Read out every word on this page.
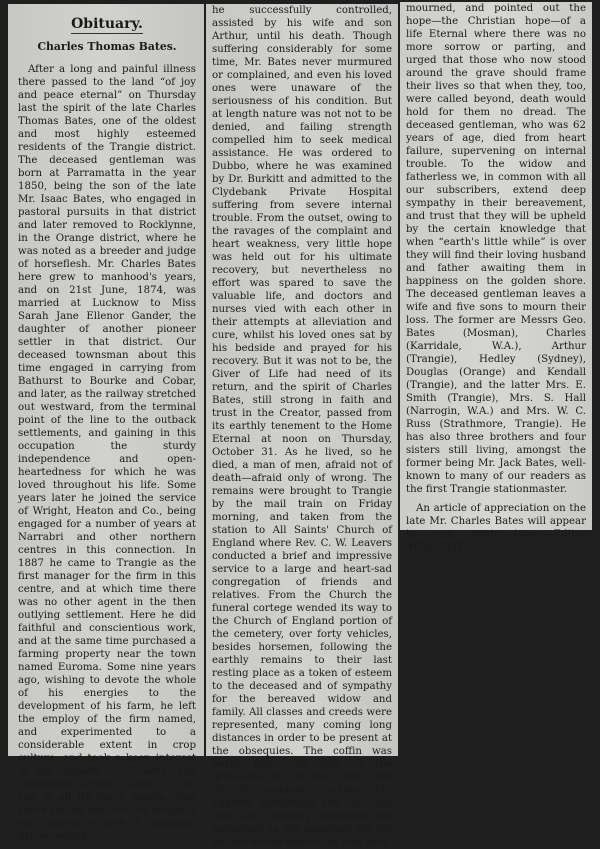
Obituary.
Charles Thomas Bates.

After a long and painful illness there passed to the land “of joy and peace eternal” on Thursday last the spirit of the late Charles Thomas Bates, one of the oldest and most highly esteemed residents of the Trangie district. The deceased gentleman was born at Parramatta in the year 1850, being the son of the late Mr. Isaac Bates, who engaged in pastoral pursuits in that district and later removed to Rocklynne, in the Orange district, where he was noted as a breeder and judge of horseflesh. Mr. Charles Bates here grew to manhood's years, and on 21st June, 1874, was married at Lucknow to Miss Sarah Jane Ellenor Gander, the daughter of another pioneer settler in that district. Our deceased townsman about this time engaged in carrying from Bathurst to Bourke and Cobar, and later, as the railway stretched out westward, from the terminal point of the line to the outback settlements, and gaining in this occupation the sturdy independence and open-heartedness for which he was loved throughout his life. Some years later he joined the service of Wright, Heaton and Co., being engaged for a number of years at Narrabri and other northern centres in this connection. In 1887 he came to Trangie as the first manager for the firm in this centre, and at which time there was no other agent in the then outlying settlement. Here he did faithful and conscientious work, and at the same time purchased a farming property near the town named Euroma. Some nine years ago, wishing to devote the whole of his energies to the development of his farm, he left the employ of the firm named, and experimented to a considerable extent in crop culture, and took a keen interest in the growth of flowers and vegetables—verily a lover of the soil in all its many moods. Two years ago he sold out his property and opened a store in Dandaloo Street, which

he successfully controlled, assisted by his wife and son Arthur, until his death. Though suffering considerably for some time, Mr. Bates never murmured or complained, and even his loved ones were unaware of the seriousness of his condition. But at length nature was not not to be denied, and failing strength compelled him to seek medical assistance. He was ordered to Dubbo, where he was examined by Dr. Burkitt and admitted to the Clydebank Private Hospital suffering from severe internal trouble. From the outset, owing to the ravages of the complaint and heart weakness, very little hope was held out for his ultimate recovery, but nevertheless no effort was spared to save the valuable life, and doctors and nurses vied with each other in their attempts at alleviation and cure, whilst his loved ones sat by his bedside and prayed for his recovery. But it was not to be, the Giver of Life had need of its return, and the spirit of Charles Bates, still strong in faith and trust in the Creator, passed from its earthly tenement to the Home Eternal at noon on Thursday, October 31. As he lived, so he died, a man of men, afraid not of death—afraid only of wrong. The remains were brought to Trangie by the mail train on Friday morning, and taken from the station to All Saints' Church of England where Rev. C. W. Leavers conducted a brief and impressive service to a large and heart-sad congregation of friends and relatives. From the Church the funeral cortege wended its way to the Church of England portion of the cemetery, over forty vehicles, besides horsemen, following the earthly remains to their last resting place as a token of esteem to the deceased and of sympathy for the bereaved widow and family. All classes and creeds were represented, many coming long distances in order to be present at the obsequies. The coffin was borne from the gate to the graveside by all the town and district residents, where Mr. Leavers performed the last sad rites and feelingly addressed the gathering on the excellent life led by him whose departure they now

mourned, and pointed out the hope—the Christian hope—of a life Eternal where there was no more sorrow or parting, and urged that those who now stood around the grave should frame their lives so that when they, too, were called beyond, death would hold for them no dread. The deceased gentleman, who was 62 years of age, died from heart failure, supervening on internal trouble. To the widow and fatherless we, in common with all our subscribers, extend deep sympathy in their bereavement, and trust that they will be upheld by the certain knowledge that when “earth's little while” is over they will find their loving husband and father awaiting them in happiness on the golden shore. The deceased gentleman leaves a wife and five sons to mourn their loss. The former are Messrs Geo. Bates (Mosman), Charles (Karridale, W.A.), Arthur (Trangie), Hedley (Sydney), Douglas (Orange) and Kendall (Trangie), and the latter Mrs. E. Smith (Trangie), Mrs. S. Hall (Narrogin, W.A.) and Mrs. W. C. Russ (Strathmore, Trangie). He has also three brothers and four sisters still living, amongst the former being Mr. Jack Bates, well-known to many of our readers as the first Trangie stationmaster.

An article of appreciation on the late Mr. Charles Bates will appear in our next issue.—Editor ADVOCATE.
